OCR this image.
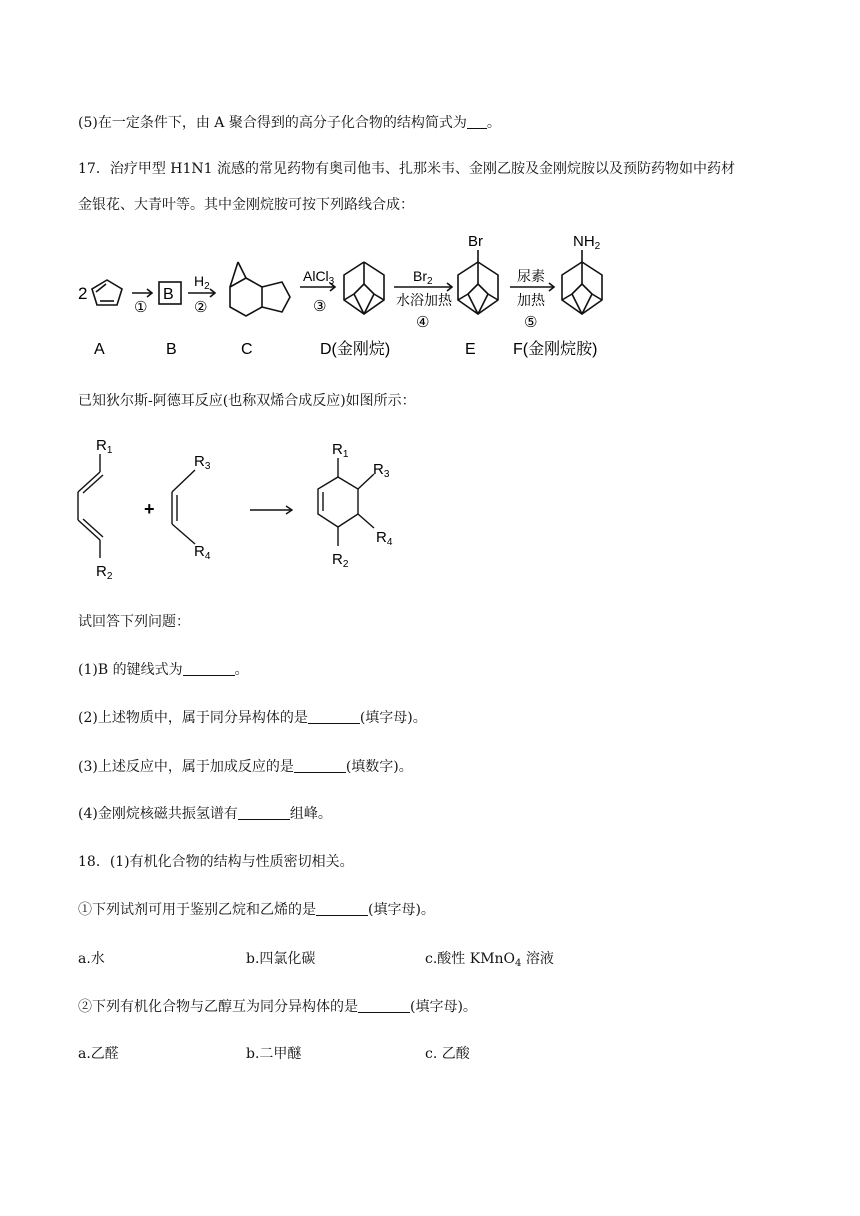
(5)在一定条件下，由 A 聚合得到的高分子化合物的结构简式为 。
17．治疗甲型 H1N1 流感的常见药物有奥司他韦、扎那米韦、金刚乙胺及金刚烷胺以及预防药物如中药材
金银花、大青叶等。其中金刚烷胺可按下列路线合成：
2	B
①
$H_2$
②
AlCl$_3$
③
$Br_2$
水浴加热
④
尿素
加热
⑤
Br	$NH_2$
A	B	C	D(金刚烷)	E F(金刚烷胺)
已知狄尔斯-阿德耳反应(也称双烯合成反应)如图所示：
+
$R_1$
$R_2$
$R_3$
$R_4$
$R_1$
$R_3$
$R_4$
$R_2$
试回答下列问题：
(1)B 的键线式为	。
(2)上述物质中，属于同分异构体的是	(填字母)。
(3)上述反应中，属于加成反应的是	(填数字)。
(4)金刚烷核磁共振氢谱有	组峰。
18．(1)有机化合物的结构与性质密切相关。
①下列试剂可用于鉴别乙烷和乙烯的是	(填字母)。
a.水	b.四氯化碳	c.酸性 KMnO$_4$ 溶液
②下列有机化合物与乙醇互为同分异构体的是	(填字母)。
a.乙醛	b.二甲醚	c. 乙酸
